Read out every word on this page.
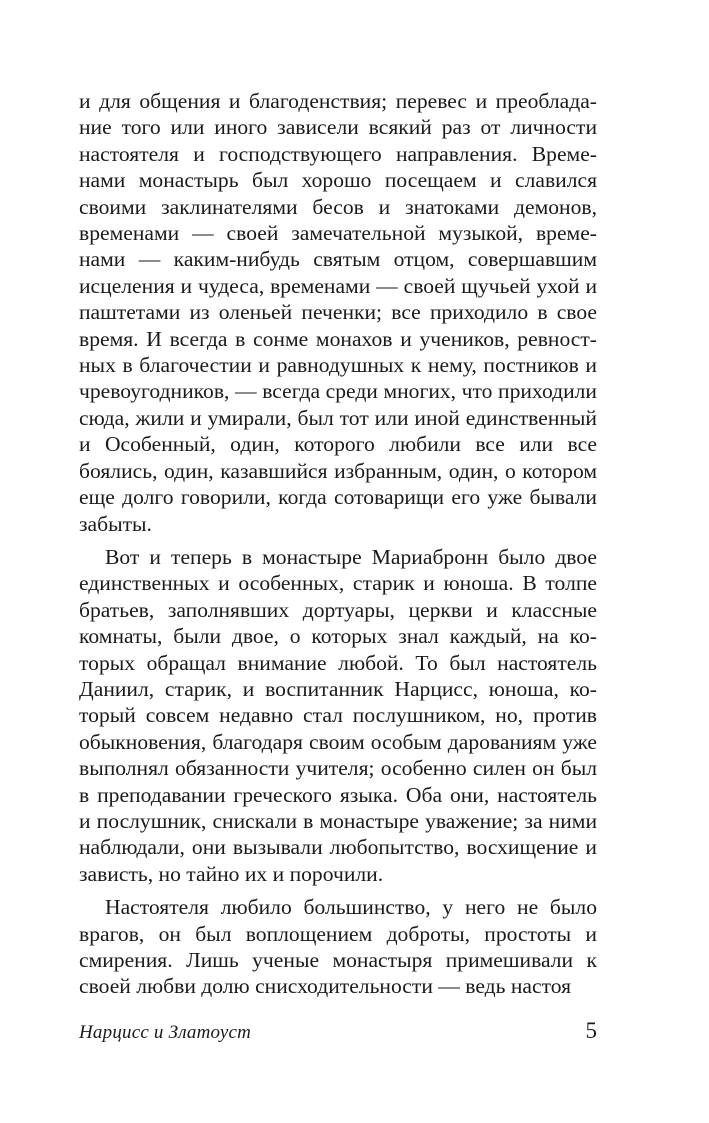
и для общения и благоденствия; перевес и преобладание того или иного зависели всякий раз от личности настоятеля и господствующего направления. Временами монастырь был хорошо посещаем и славился своими заклинателями бесов и знатоками демонов, временами — своей замечательной музыкой, временами — каким-нибудь святым отцом, совершавшим исцеления и чудеса, временами — своей щучьей ухой и паштетами из оленьей печенки; все приходило в свое время. И всегда в сонме монахов и учеников, ревностных в благочестии и равнодушных к нему, постников и чревоугодников, — всегда среди многих, что приходили сюда, жили и умирали, был тот или иной единственный и Особенный, один, которого любили все или все боялись, один, казавшийся избранным, один, о котором еще долго говорили, когда сотоварищи его уже бывали забыты.

Вот и теперь в монастыре Мариабронн было двое единственных и особенных, старик и юноша. В толпе братьев, заполнявших дортуары, церкви и классные комнаты, были двое, о которых знал каждый, на которых обращал внимание любой. То был настоятель Даниил, старик, и воспитанник Нарцисс, юноша, который совсем недавно стал послушником, но, против обыкновения, благодаря своим особым дарованиям уже выполнял обязанности учителя; особенно силен он был в преподавании греческого языка. Оба они, настоятель и послушник, снискали в монастыре уважение; за ними наблюдали, они вызывали любопытство, восхищение и зависть, но тайно их и порочили.

Настоятеля любило большинство, у него не было врагов, он был воплощением доброты, простоты и смирения. Лишь ученые монастыря примешивали к своей любви долю снисходительности — ведь настоя

Нарцисс и Златоуст	5
